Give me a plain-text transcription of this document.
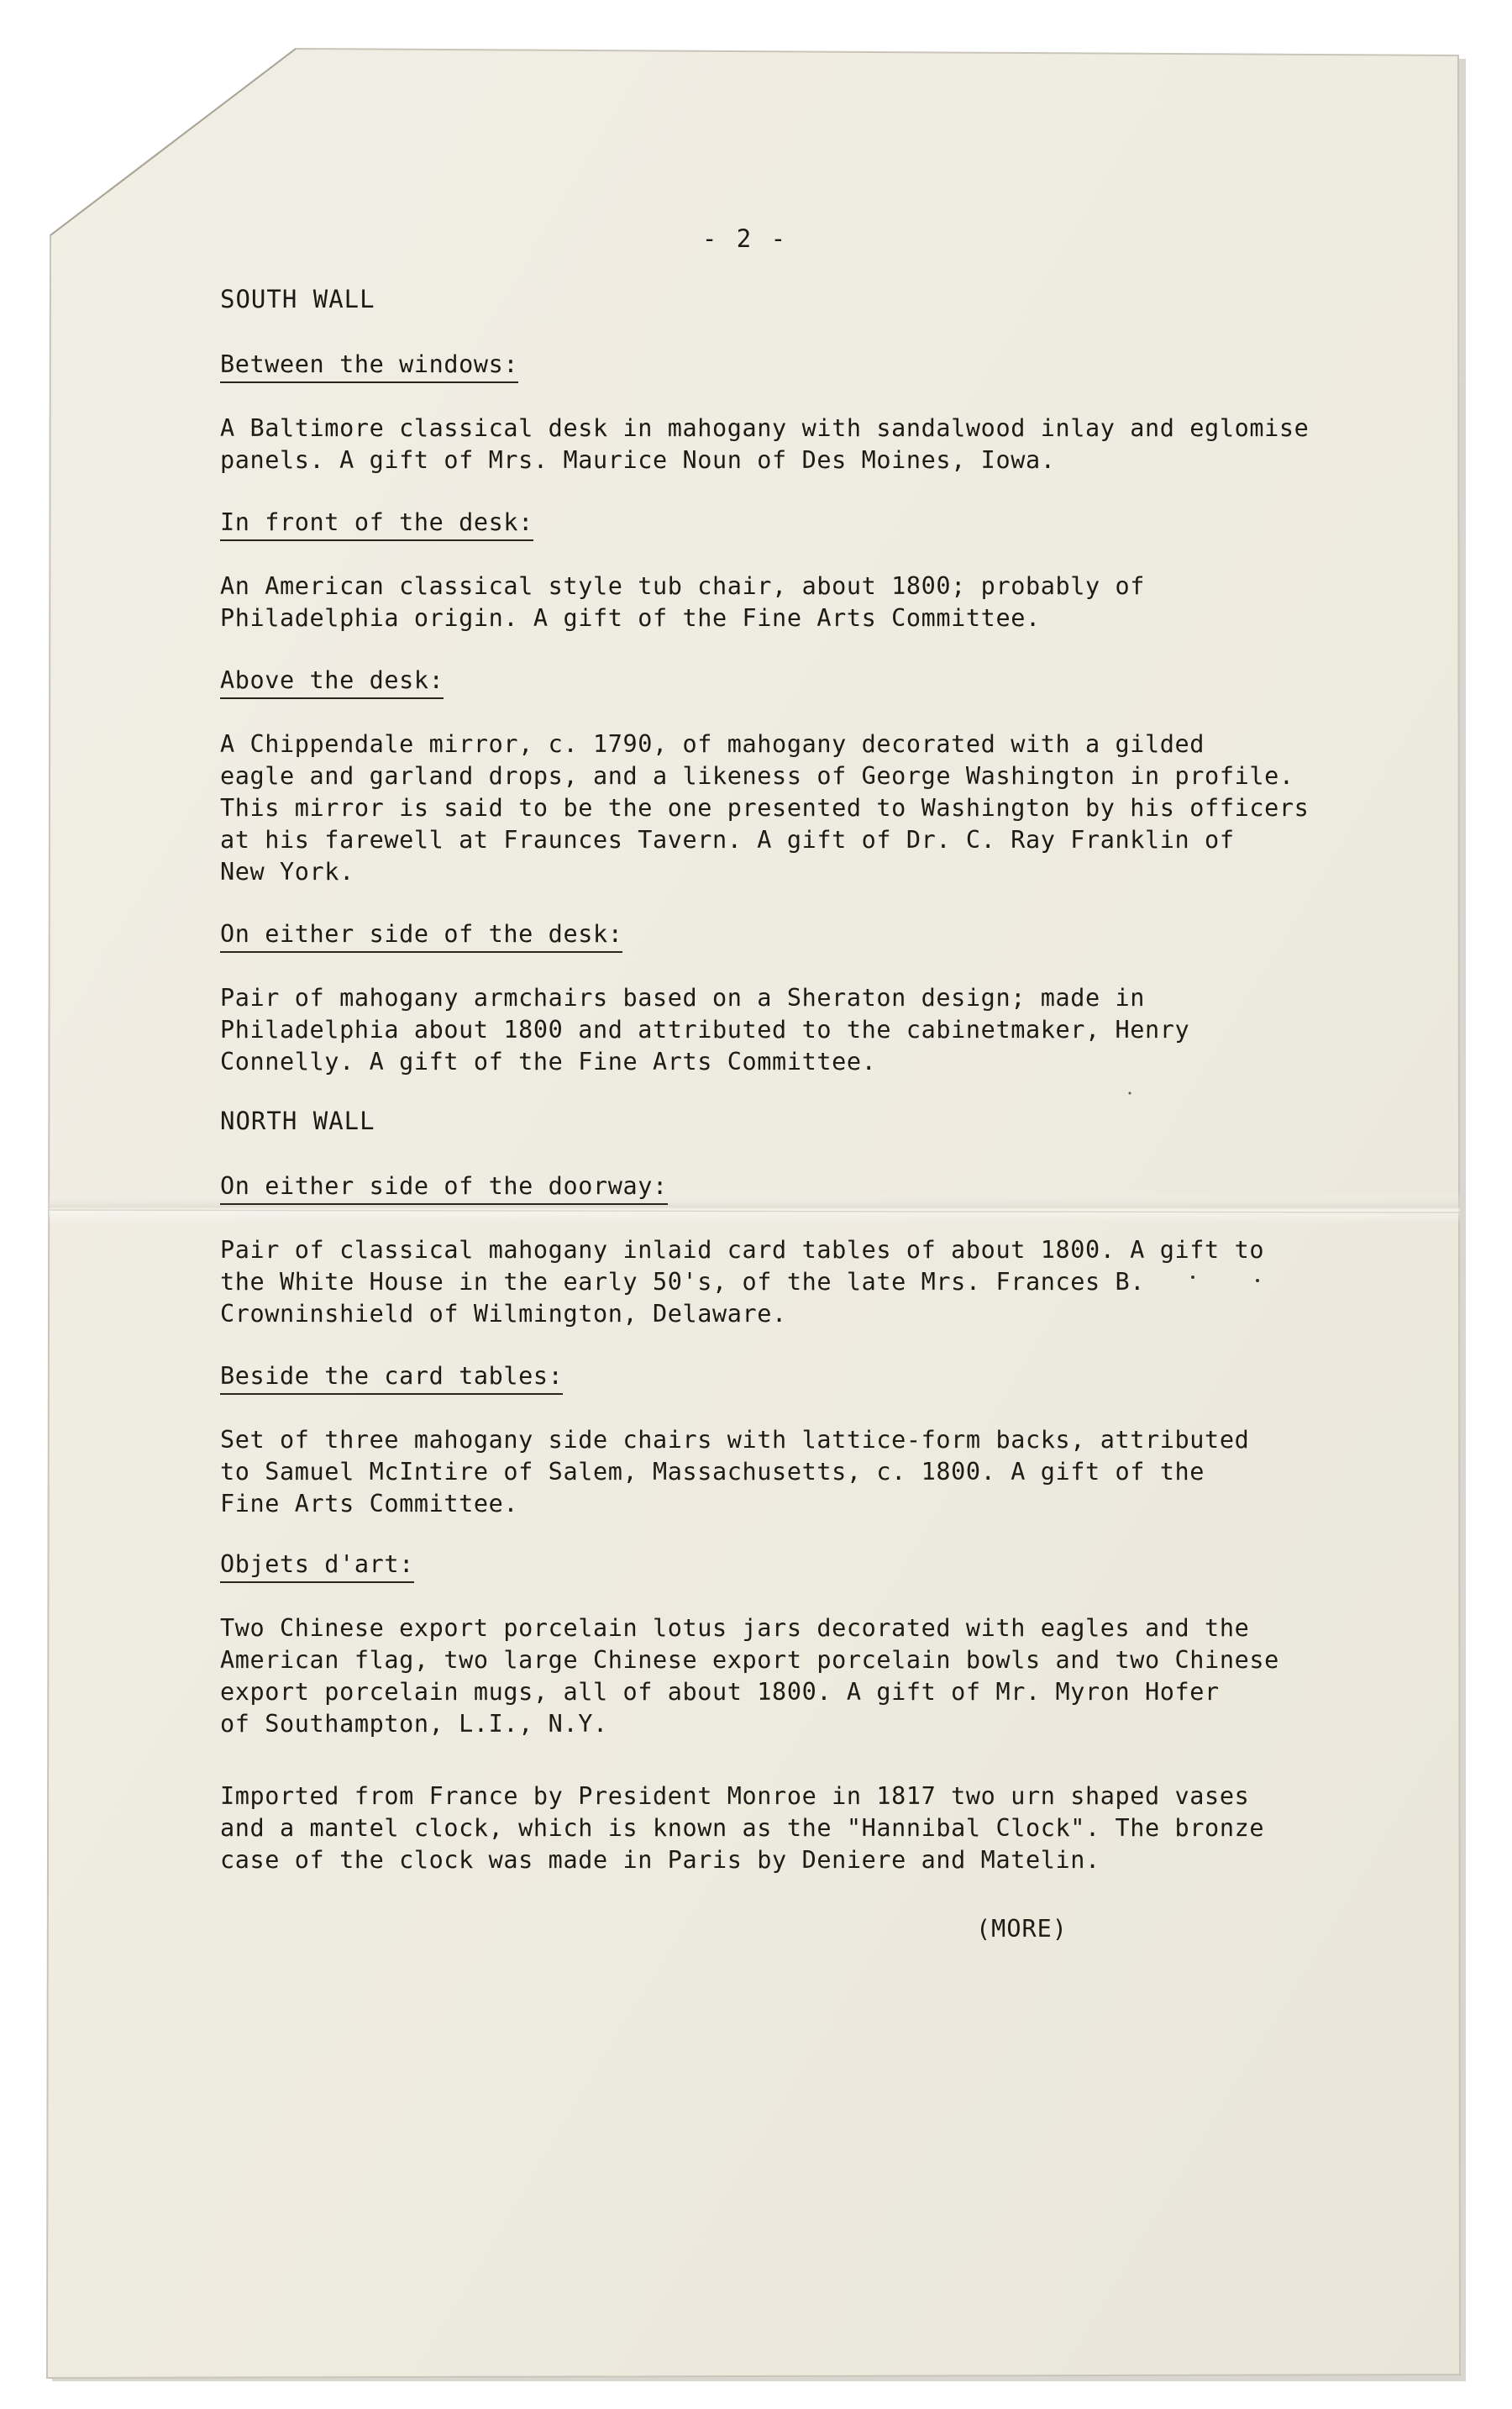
- 2 -
SOUTH WALL
Between the windows:
A Baltimore classical desk in mahogany with sandalwood inlay and eglomise
panels. A gift of Mrs. Maurice Noun of Des Moines, Iowa.
In front of the desk:
An American classical style tub chair, about 1800; probably of
Philadelphia origin. A gift of the Fine Arts Committee.
Above the desk:
A Chippendale mirror, c. 1790, of mahogany decorated with a gilded
eagle and garland drops, and a likeness of George Washington in profile.
This mirror is said to be the one presented to Washington by his officers
at his farewell at Fraunces Tavern. A gift of Dr. C. Ray Franklin of
New York.
On either side of the desk:
Pair of mahogany armchairs based on a Sheraton design; made in
Philadelphia about 1800 and attributed to the cabinetmaker, Henry
Connelly. A gift of the Fine Arts Committee.
NORTH WALL
On either side of the doorway:
Pair of classical mahogany inlaid card tables of about 1800. A gift to
the White House in the early 50's, of the late Mrs. Frances B.
Crowninshield of Wilmington, Delaware.
Beside the card tables:
Set of three mahogany side chairs with lattice-form backs, attributed
to Samuel McIntire of Salem, Massachusetts, c. 1800. A gift of the
Fine Arts Committee.
Objets d'art:
Two Chinese export porcelain lotus jars decorated with eagles and the
American flag, two large Chinese export porcelain bowls and two Chinese
export porcelain mugs, all of about 1800. A gift of Mr. Myron Hofer
of Southampton, L.I., N.Y.
Imported from France by President Monroe in 1817 two urn shaped vases
and a mantel clock, which is known as the "Hannibal Clock". The bronze
case of the clock was made in Paris by Deniere and Matelin.
(MORE)
